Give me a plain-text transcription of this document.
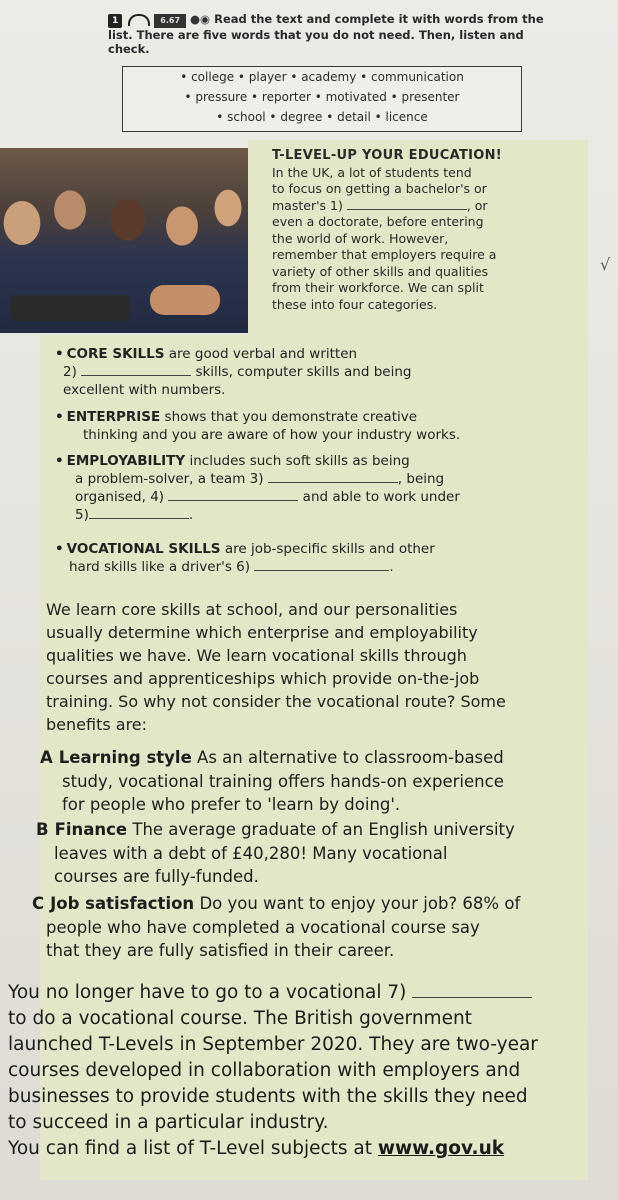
1	6.67 ●◉ Read the text and complete it with words from the list. There are five words that you do not need. Then, listen and check.
• college • player • academy • communication
• pressure • reporter • motivated • presenter
• school • degree • detail • licence
T-LEVEL-UP YOUR EDUCATION!
In the UK, a lot of students tend
to focus on getting a bachelor's or
master's 1)	, or
even a doctorate, before entering
the world of work. However,
remember that employers require a
variety of other skills and qualities
from their workforce. We can split
these into four categories.
√
• CORE SKILLS are good verbal and written
2)	skills, computer skills and being
excellent with numbers.
• ENTERPRISE shows that you demonstrate creative
thinking and you are aware of how your industry works.
• EMPLOYABILITY includes such soft skills as being
a problem-solver, a team 3)	, being
organised, 4)	and able to work under
5)	.
• VOCATIONAL SKILLS are job-specific skills and other
hard skills like a driver's 6)	.
We learn core skills at school, and our personalities
usually determine which enterprise and employability
qualities we have. We learn vocational skills through
courses and apprenticeships which provide on-the-job
training. So why not consider the vocational route? Some
benefits are:
A Learning style As an alternative to classroom-based
study, vocational training offers hands-on experience
for people who prefer to 'learn by doing'.
B Finance The average graduate of an English university
leaves with a debt of £40,280! Many vocational
courses are fully-funded.
C Job satisfaction Do you want to enjoy your job? 68% of
people who have completed a vocational course say
that they are fully satisfied in their career.
You no longer have to go to a vocational 7)
to do a vocational course. The British government
launched T-Levels in September 2020. They are two-year
courses developed in collaboration with employers and
businesses to provide students with the skills they need
to succeed in a particular industry.
You can find a list of T-Level subjects at www.gov.uk
